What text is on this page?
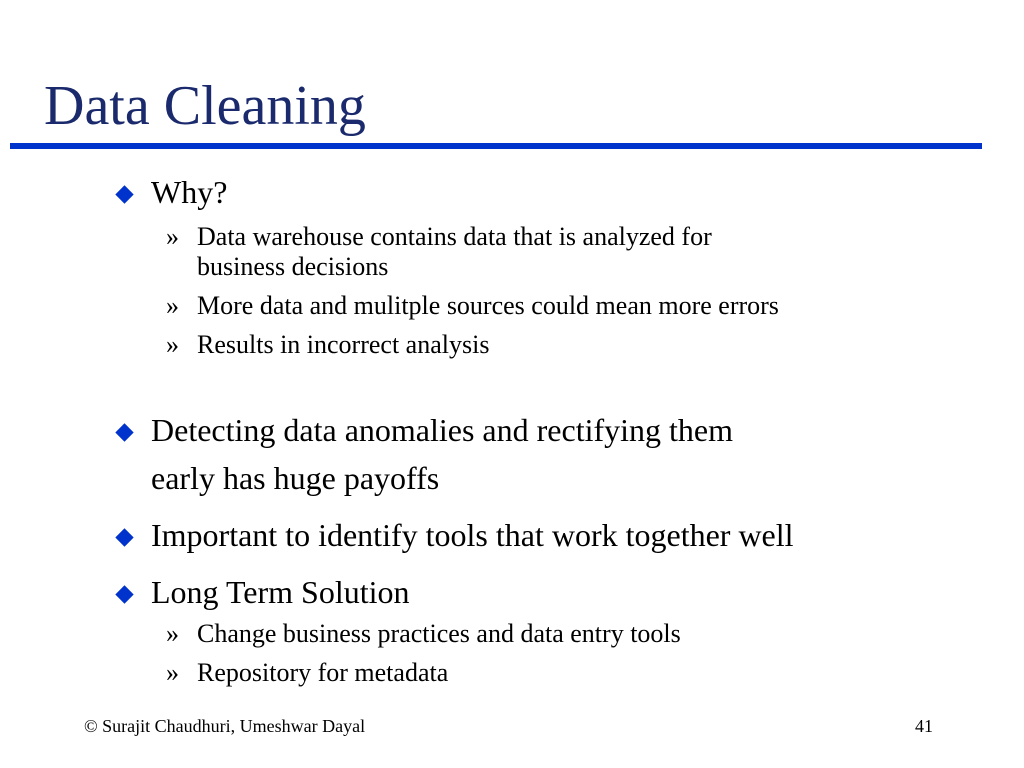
Data Cleaning
Why?
» Data warehouse contains data that is analyzed for
business decisions
» More data and mulitple sources could mean more errors
» Results in incorrect analysis
Detecting data anomalies and rectifying them
early has huge payoffs
Important to identify tools that work together well
Long Term Solution
» Change business practices and data entry tools
» Repository for metadata
© Surajit Chaudhuri, Umeshwar Dayal	41
